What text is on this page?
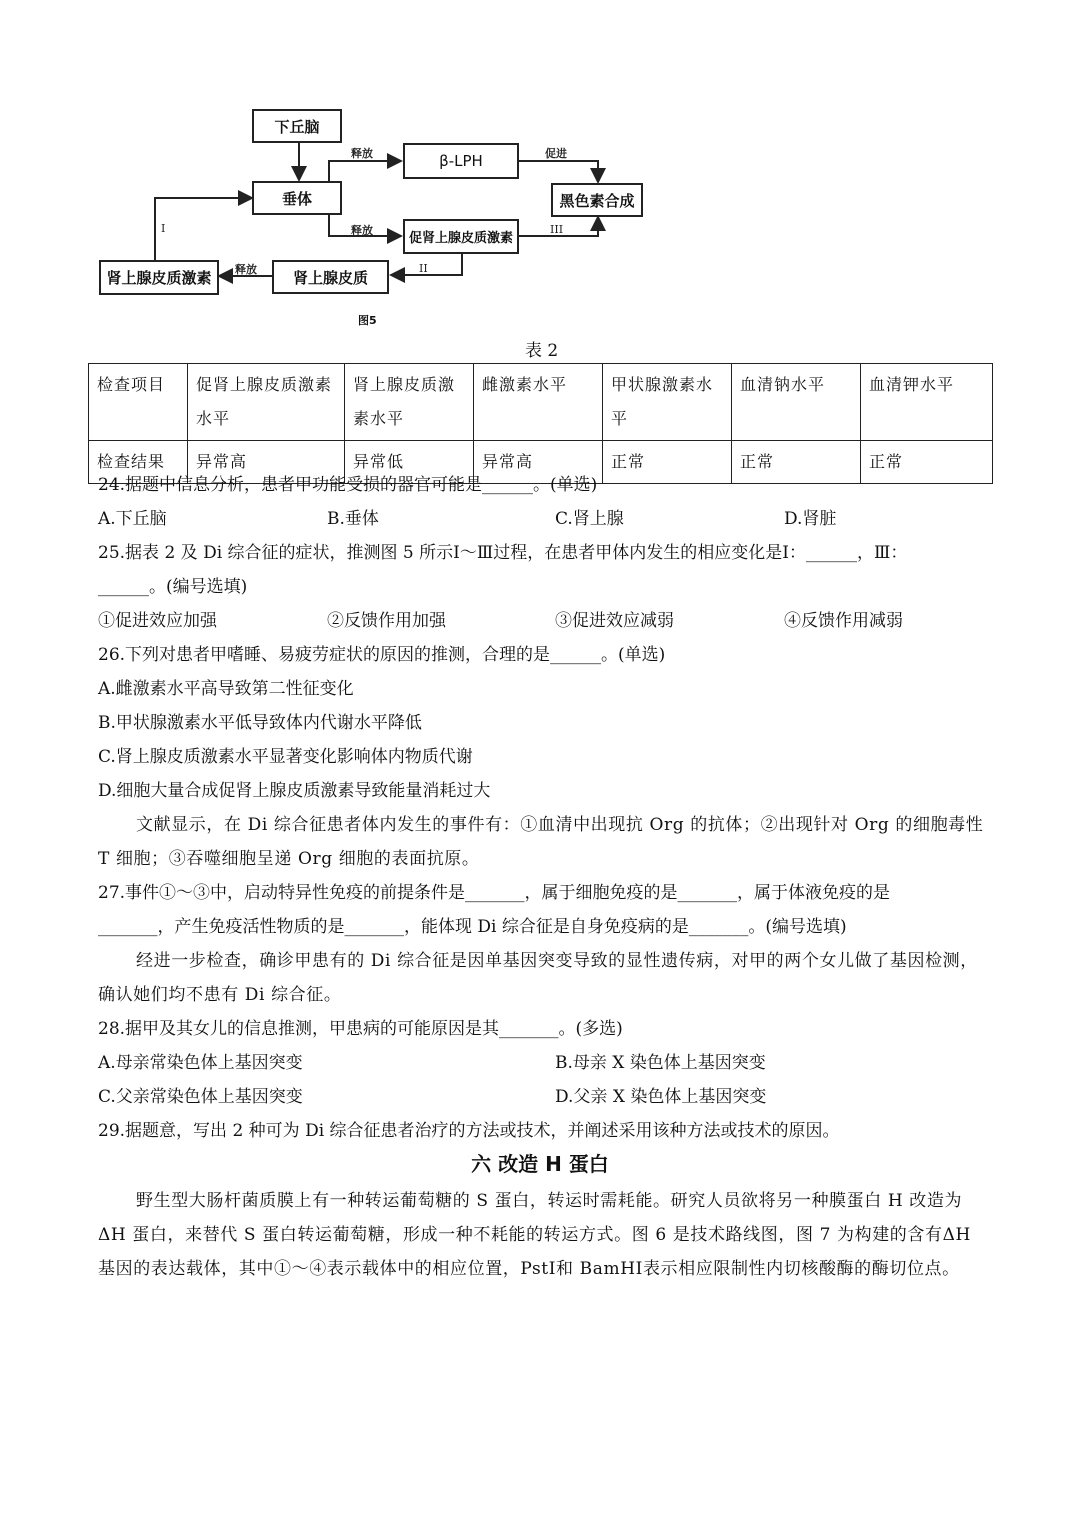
下丘脑
垂体
β-LPH
黑色素合成
促肾上腺皮质激素
肾上腺皮质
肾上腺皮质激素
释放
释放
释放
促进
I
II
III
图5
表 2
检查项目	促肾上腺皮质激素水平	肾上腺皮质激素水平	雌激素水平	甲状腺激素水平	血清钠水平	血清钾水平
检查结果	异常高	异常低	异常高	正常	正常	正常
24.据题中信息分析，患者甲功能受损的器官可能是______。(单选)
A.下丘脑	B.垂体	C.肾上腺	D.肾脏
25.据表 2 及 Di 综合征的症状，推测图 5 所示Ⅰ～Ⅲ过程，在患者甲体内发生的相应变化是Ⅰ：______，Ⅲ：
______。(编号选填)
①促进效应加强	②反馈作用加强	③促进效应减弱	④反馈作用减弱
26.下列对患者甲嗜睡、易疲劳症状的原因的推测，合理的是______。(单选)
A.雌激素水平高导致第二性征变化
B.甲状腺激素水平低导致体内代谢水平降低
C.肾上腺皮质激素水平显著变化影响体内物质代谢
D.细胞大量合成促肾上腺皮质激素导致能量消耗过大
文献显示，在 Di 综合征患者体内发生的事件有：①血清中出现抗 Org 的抗体；②出现针对 Org 的细胞毒性 T 细胞；③吞噬细胞呈递 Org 细胞的表面抗原。
27.事件①～③中，启动特异性免疫的前提条件是_______，属于细胞免疫的是_______，属于体液免疫的是
_______，产生免疫活性物质的是_______，能体现 Di 综合征是自身免疫病的是_______。(编号选填)
经进一步检查，确诊甲患有的 Di 综合征是因单基因突变导致的显性遗传病，对甲的两个女儿做了基因检测，确认她们均不患有 Di 综合征。
28.据甲及其女儿的信息推测，甲患病的可能原因是其_______。(多选)
A.母亲常染色体上基因突变	B.母亲 X 染色体上基因突变
C.父亲常染色体上基因突变	D.父亲 X 染色体上基因突变
29.据题意，写出 2 种可为 Di 综合征患者治疗的方法或技术，并阐述采用该种方法或技术的原因。
六 改造 H 蛋白
野生型大肠杆菌质膜上有一种转运葡萄糖的 S 蛋白，转运时需耗能。研究人员欲将另一种膜蛋白 H 改造为ΔH 蛋白，来替代 S 蛋白转运葡萄糖，形成一种不耗能的转运方式。图 6 是技术路线图，图 7 为构建的含有ΔH 基因的表达载体，其中①～④表示载体中的相应位置，PstⅠ和 BamHⅠ表示相应限制性内切核酸酶的酶切位点。
